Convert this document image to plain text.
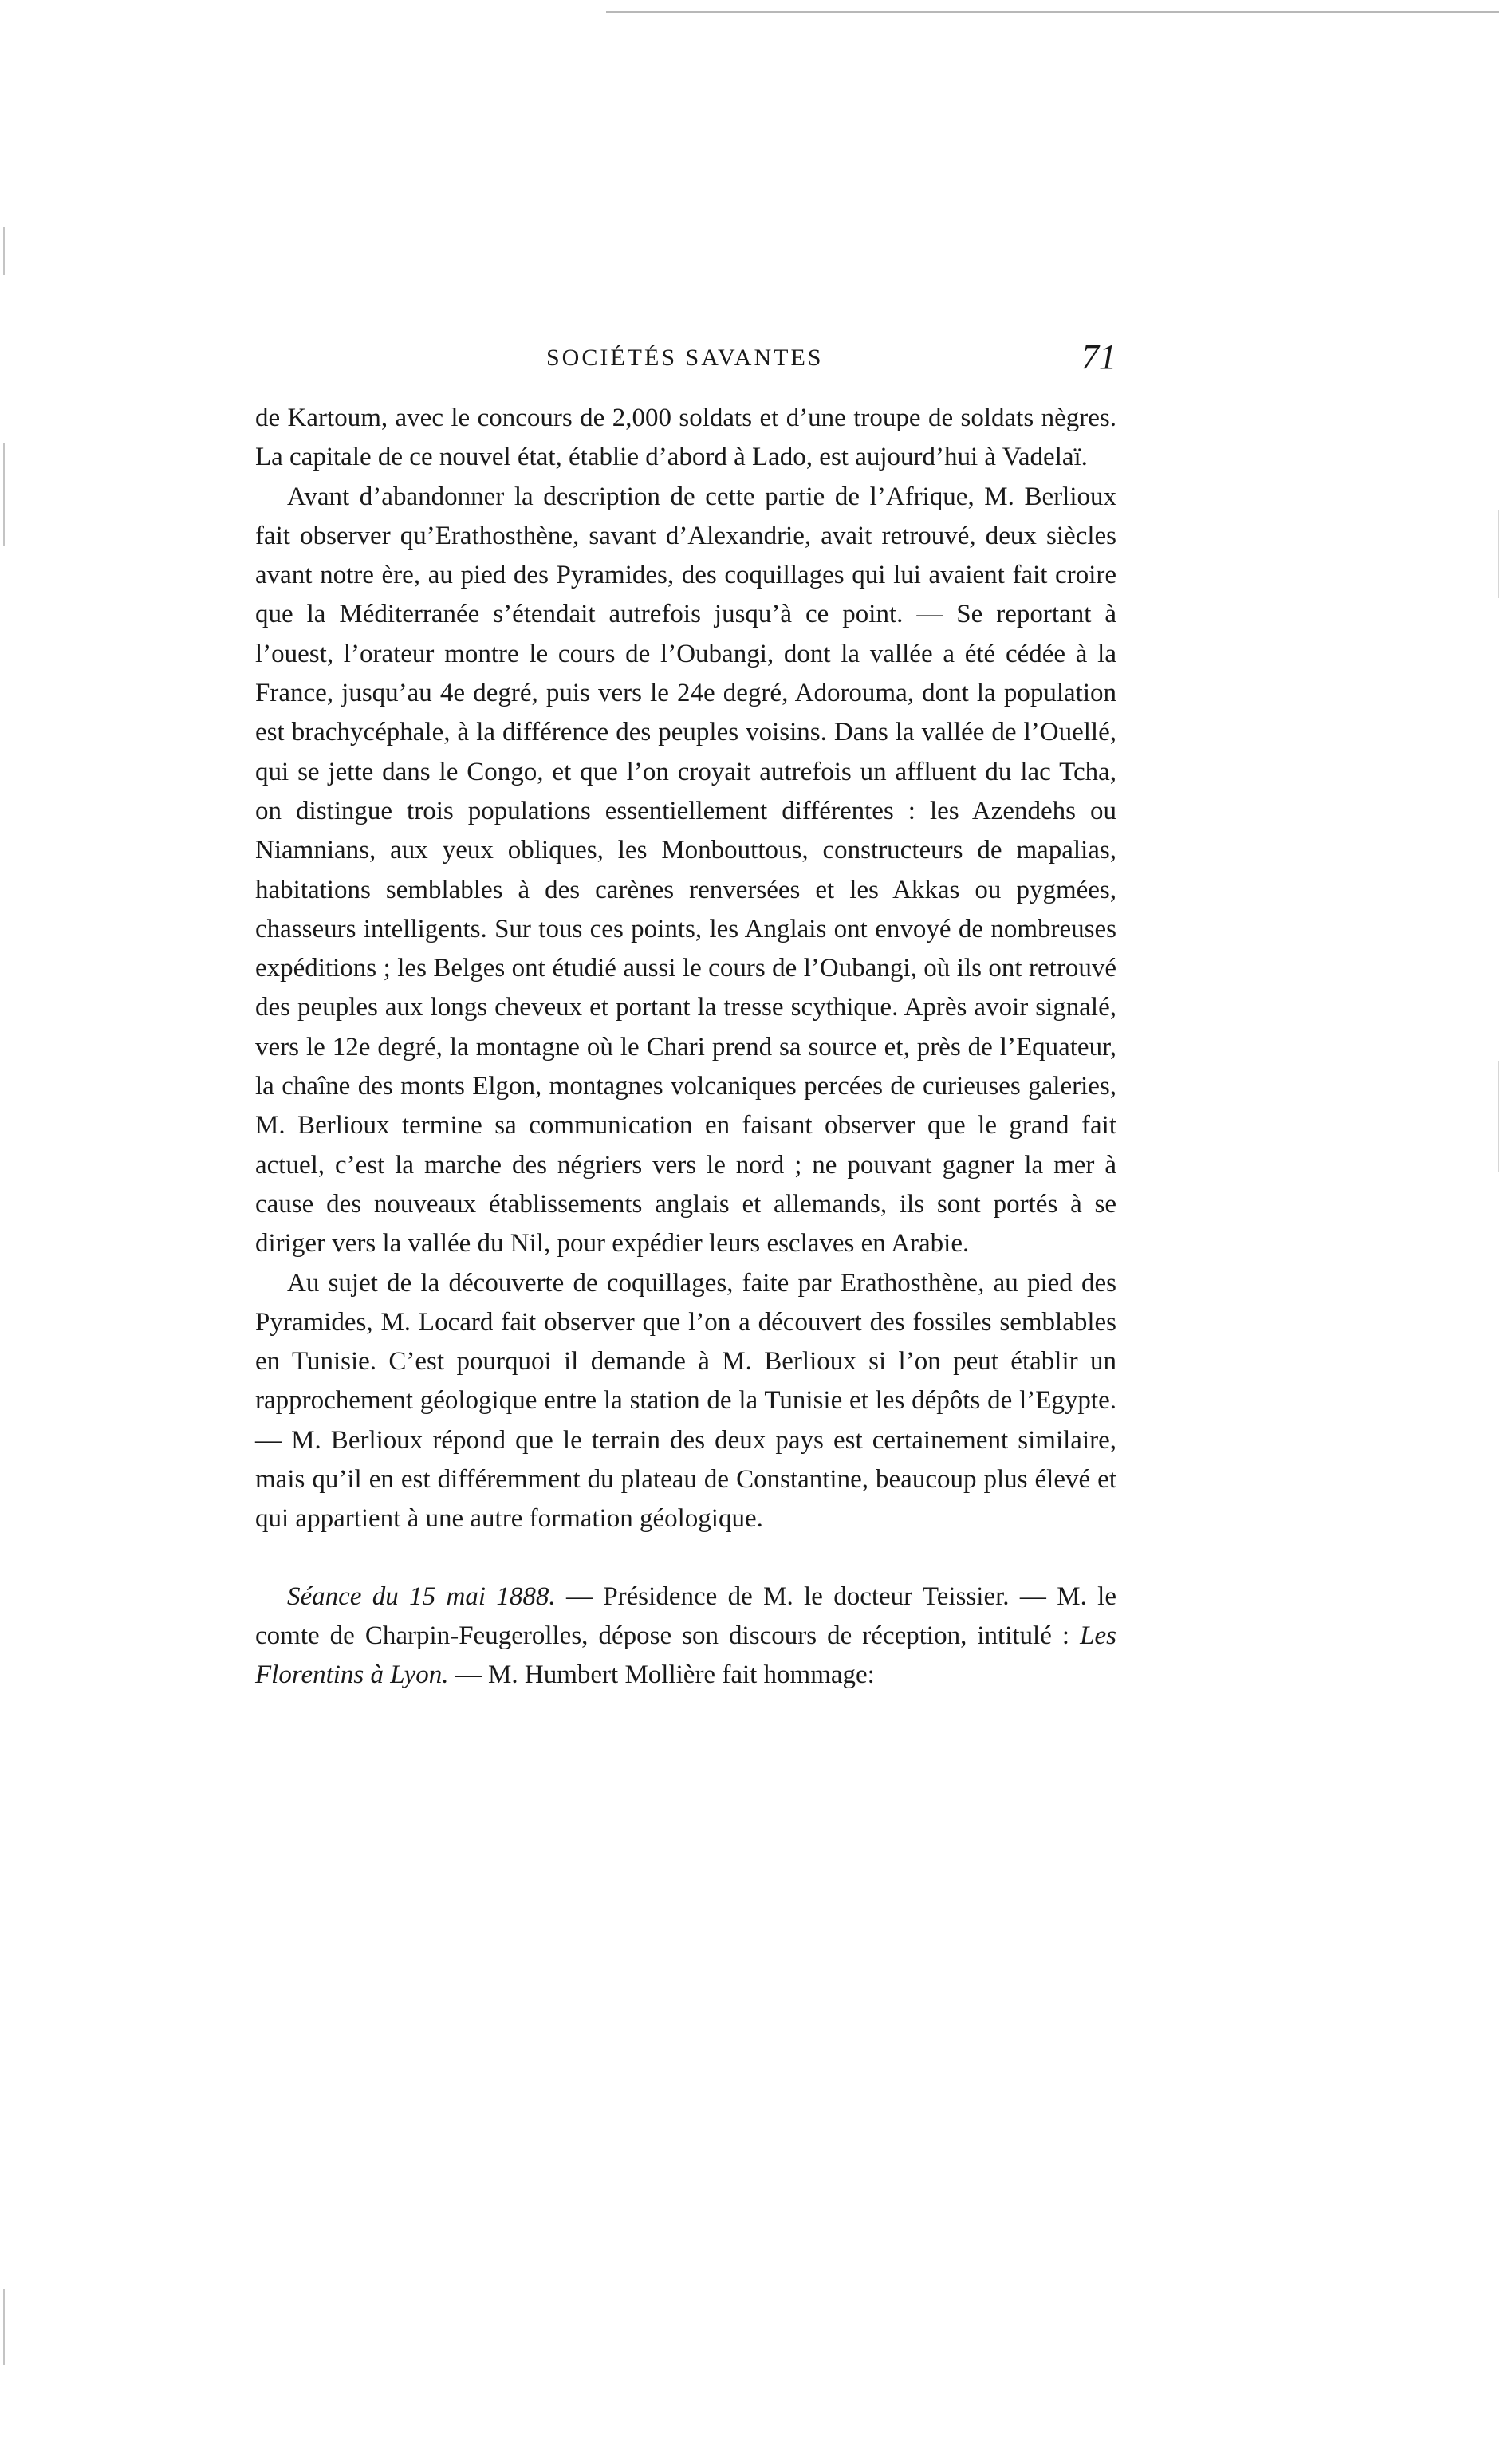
SOCIÉTÉS SAVANTES	71

de Kartoum, avec le concours de 2,000 soldats et d’une troupe de soldats nègres. La capitale de ce nouvel état, établie d’abord à Lado, est aujourd’hui à Vadelaï.

Avant d’abandonner la description de cette partie de l’Afrique, M. Berlioux fait observer qu’Erathosthène, savant d’Alexandrie, avait retrouvé, deux siècles avant notre ère, au pied des Pyramides, des coquillages qui lui avaient fait croire que la Méditerranée s’étendait autrefois jusqu’à ce point. — Se reportant à l’ouest, l’orateur montre le cours de l’Oubangi, dont la vallée a été cédée à la France, jusqu’au 4e degré, puis vers le 24e degré, Adorouma, dont la population est brachycéphale, à la différence des peuples voisins. Dans la vallée de l’Ouellé, qui se jette dans le Congo, et que l’on croyait autrefois un affluent du lac Tcha, on distingue trois populations essentiellement différentes : les Azendehs ou Niamnians, aux yeux obliques, les Monbouttous, constructeurs de mapalias, habitations semblables à des carènes renversées et les Akkas ou pygmées, chasseurs intelligents. Sur tous ces points, les Anglais ont envoyé de nombreuses expéditions ; les Belges ont étudié aussi le cours de l’Oubangi, où ils ont retrouvé des peuples aux longs cheveux et portant la tresse scythique. Après avoir signalé, vers le 12e degré, la montagne où le Chari prend sa source et, près de l’Equateur, la chaîne des monts Elgon, montagnes volcaniques percées de curieuses galeries, M. Berlioux termine sa communication en faisant observer que le grand fait actuel, c’est la marche des négriers vers le nord ; ne pouvant gagner la mer à cause des nouveaux établissements anglais et allemands, ils sont portés à se diriger vers la vallée du Nil, pour expédier leurs esclaves en Arabie.

Au sujet de la découverte de coquillages, faite par Erathosthène, au pied des Pyramides, M. Locard fait observer que l’on a découvert des fossiles semblables en Tunisie. C’est pourquoi il demande à M. Berlioux si l’on peut établir un rapprochement géologique entre la station de la Tunisie et les dépôts de l’Egypte. — M. Berlioux répond que le terrain des deux pays est certainement similaire, mais qu’il en est différemment du plateau de Constantine, beaucoup plus élevé et qui appartient à une autre formation géologique.

Séance du 15 mai 1888. — Présidence de M. le docteur Teissier. — M. le comte de Charpin-Feugerolles, dépose son discours de réception, intitulé : Les Florentins à Lyon. — M. Humbert Mollière fait hommage:
